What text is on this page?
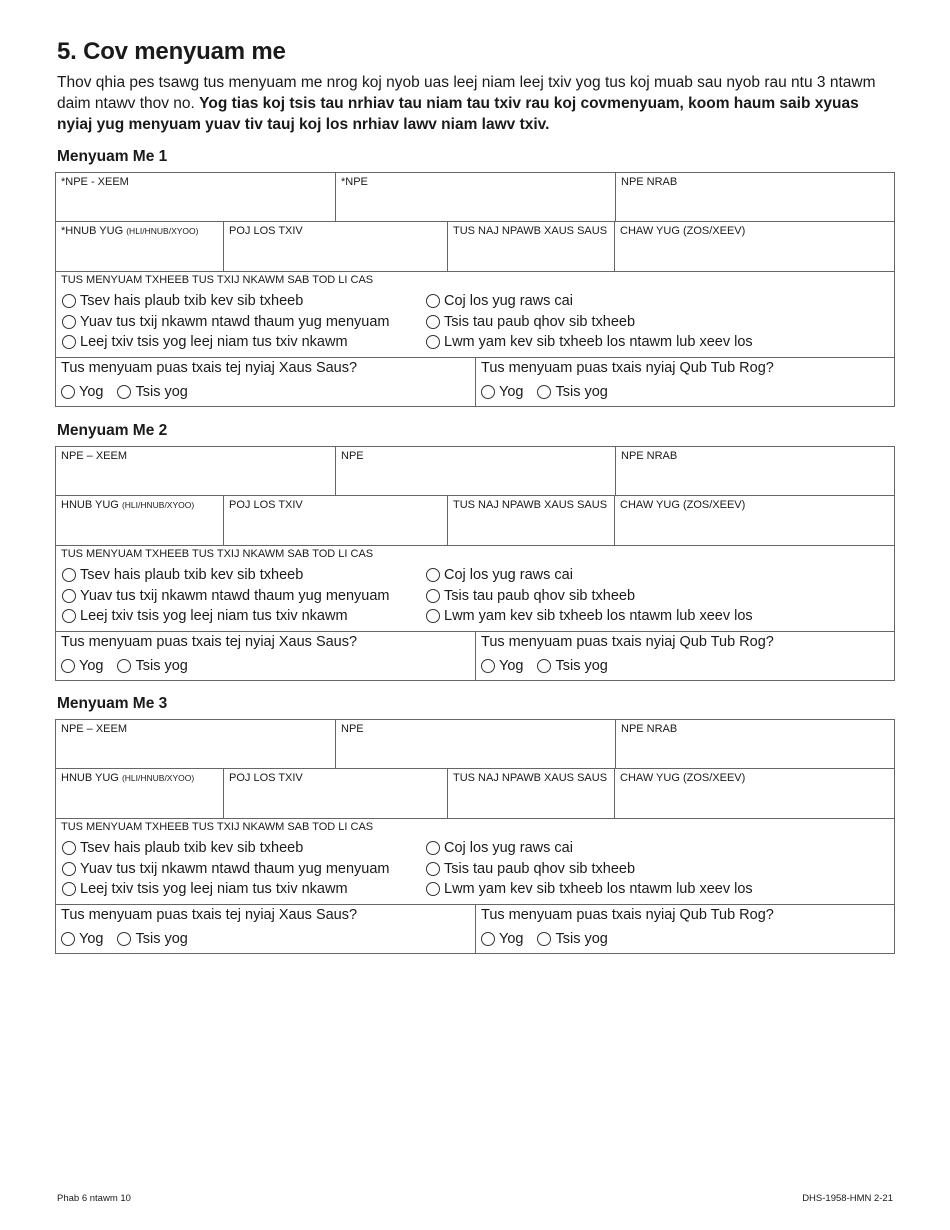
5. Cov menyuam me

Thov qhia pes tsawg tus menyuam me nrog koj nyob uas leej niam leej txiv yog tus koj muab sau nyob rau ntu 3 ntawm daim ntawv thov no. Yog tias koj tsis tau nrhiav tau niam tau txiv rau koj covmenyuam, koom haum saib xyuas nyiaj yug menyuam yuav tiv tauj koj los nrhiav lawv niam lawv txiv.

Menyuam Me 1
*NPE - XEEM	*NPE	NPE NRAB
*HNUB YUG (HLI/HNUB/XYOO)	POJ LOS TXIV	TUS NAJ NPAWB XAUS SAUS	CHAW YUG (ZOS/XEEV)
TUS MENYUAM TXHEEB TUS TXIJ NKAWM SAB TOD LI CAS
Tsev hais plaub txib kev sib txheeb	Coj los yug raws cai
Yuav tus txij nkawm ntawd thaum yug menyuam	Tsis tau paub qhov sib txheeb
Leej txiv tsis yog leej niam tus txiv nkawm	Lwm yam kev sib txheeb los ntawm lub xeev los
Tus menyuam puas txais tej nyiaj Xaus Saus?
Yog Tsis yog
Tus menyuam puas txais nyiaj Qub Tub Rog?
Yog Tsis yog
Menyuam Me 2
NPE – XEEM	NPE	NPE NRAB
HNUB YUG (HLI/HNUB/XYOO)	POJ LOS TXIV	TUS NAJ NPAWB XAUS SAUS	CHAW YUG (ZOS/XEEV)
TUS MENYUAM TXHEEB TUS TXIJ NKAWM SAB TOD LI CAS
Tsev hais plaub txib kev sib txheeb	Coj los yug raws cai
Yuav tus txij nkawm ntawd thaum yug menyuam	Tsis tau paub qhov sib txheeb
Leej txiv tsis yog leej niam tus txiv nkawm	Lwm yam kev sib txheeb los ntawm lub xeev los
Tus menyuam puas txais tej nyiaj Xaus Saus?
Yog Tsis yog
Tus menyuam puas txais nyiaj Qub Tub Rog?
Yog Tsis yog
Menyuam Me 3
NPE – XEEM	NPE	NPE NRAB
HNUB YUG (HLI/HNUB/XYOO)	POJ LOS TXIV	TUS NAJ NPAWB XAUS SAUS	CHAW YUG (ZOS/XEEV)
TUS MENYUAM TXHEEB TUS TXIJ NKAWM SAB TOD LI CAS
Tsev hais plaub txib kev sib txheeb	Coj los yug raws cai
Yuav tus txij nkawm ntawd thaum yug menyuam	Tsis tau paub qhov sib txheeb
Leej txiv tsis yog leej niam tus txiv nkawm	Lwm yam kev sib txheeb los ntawm lub xeev los
Tus menyuam puas txais tej nyiaj Xaus Saus?
Yog Tsis yog
Tus menyuam puas txais nyiaj Qub Tub Rog?
Yog Tsis yog
Phab 6 ntawm 10	DHS-1958-HMN 2-21
